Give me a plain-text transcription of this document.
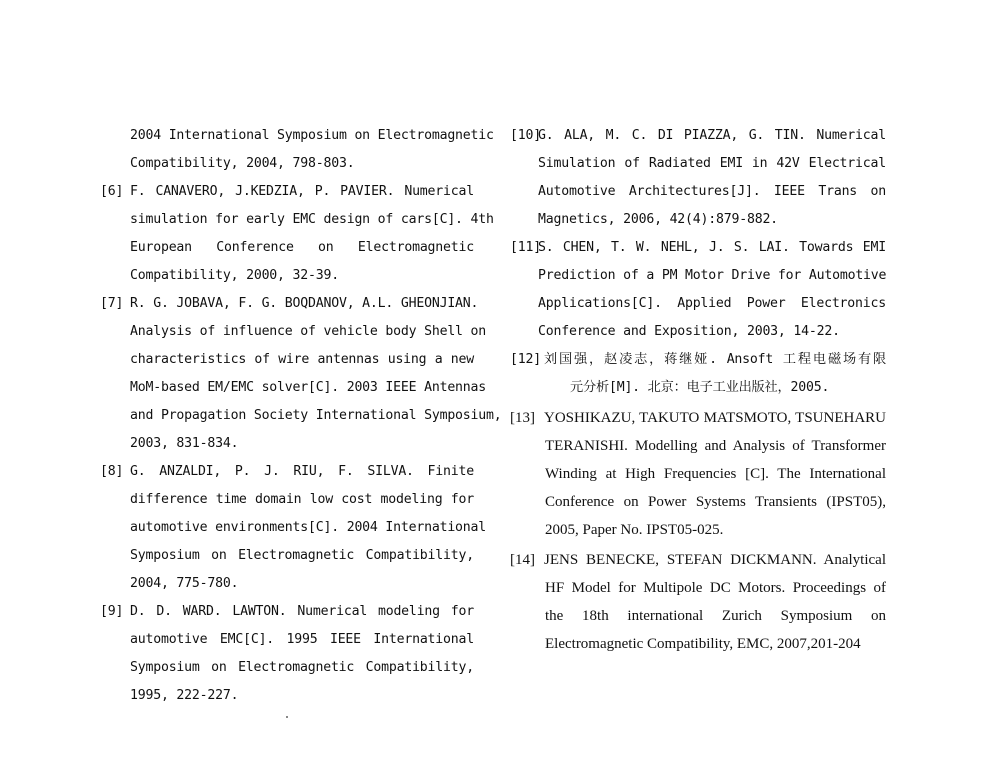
2004 International Symposium on Electromagnetic
Compatibility, 2004, 798-803.
[6] F. CANAVERO, J.KEDZIA, P. PAVIER. Numerical
simulation for early EMC design of cars[C]. 4th
European Conference on Electromagnetic
Compatibility, 2000, 32-39.
[7] R. G. JOBAVA, F. G. BOQDANOV, A.L. GHEONJIAN.
Analysis of influence of vehicle body Shell on
characteristics of wire antennas using a new
MoM-based EM/EMC solver[C]. 2003 IEEE Antennas
and Propagation Society International Symposium,
2003, 831-834.
[8] G. ANZALDI, P. J. RIU, F. SILVA. Finite
difference time domain low cost modeling for
automotive environments[C]. 2004 International
Symposium on Electromagnetic Compatibility,
2004, 775-780.
[9] D. D. WARD. LAWTON. Numerical modeling for
automotive EMC[C]. 1995 IEEE International
Symposium on Electromagnetic Compatibility,
1995, 222-227.
[10]
G. ALA, M. C. DI PIAZZA, G. TIN. Numerical
Simulation of Radiated EMI in 42V Electrical
Automotive Architectures[J]. IEEE Trans on
Magnetics, 2006, 42(4):879-882.
[11]
S. CHEN, T. W. NEHL, J. S. LAI. Towards EMI
Prediction of a PM Motor Drive for Automotive
Applications[C]. Applied Power Electronics
Conference and Exposition, 2003, 14-22.
[12] 刘国强，赵凌志，蒋继娅. Ansoft 工程电磁场有限
元分析[M]. 北京：电子工业出版社，2005.
[13] YOSHIKAZU, TAKUTO MATSMOTO, TSUNEHARU
TERANISHI. Modelling and Analysis of Transformer
Winding at High Frequencies [C]. The International
Conference on Power Systems Transients (IPST05),
2005, Paper No. IPST05-025.
[14] JENS BENECKE, STEFAN DICKMANN. Analytical
HF Model for Multipole DC Motors. Proceedings of
the 18th international Zurich Symposium on
Electromagnetic Compatibility, EMC, 2007,201-204
